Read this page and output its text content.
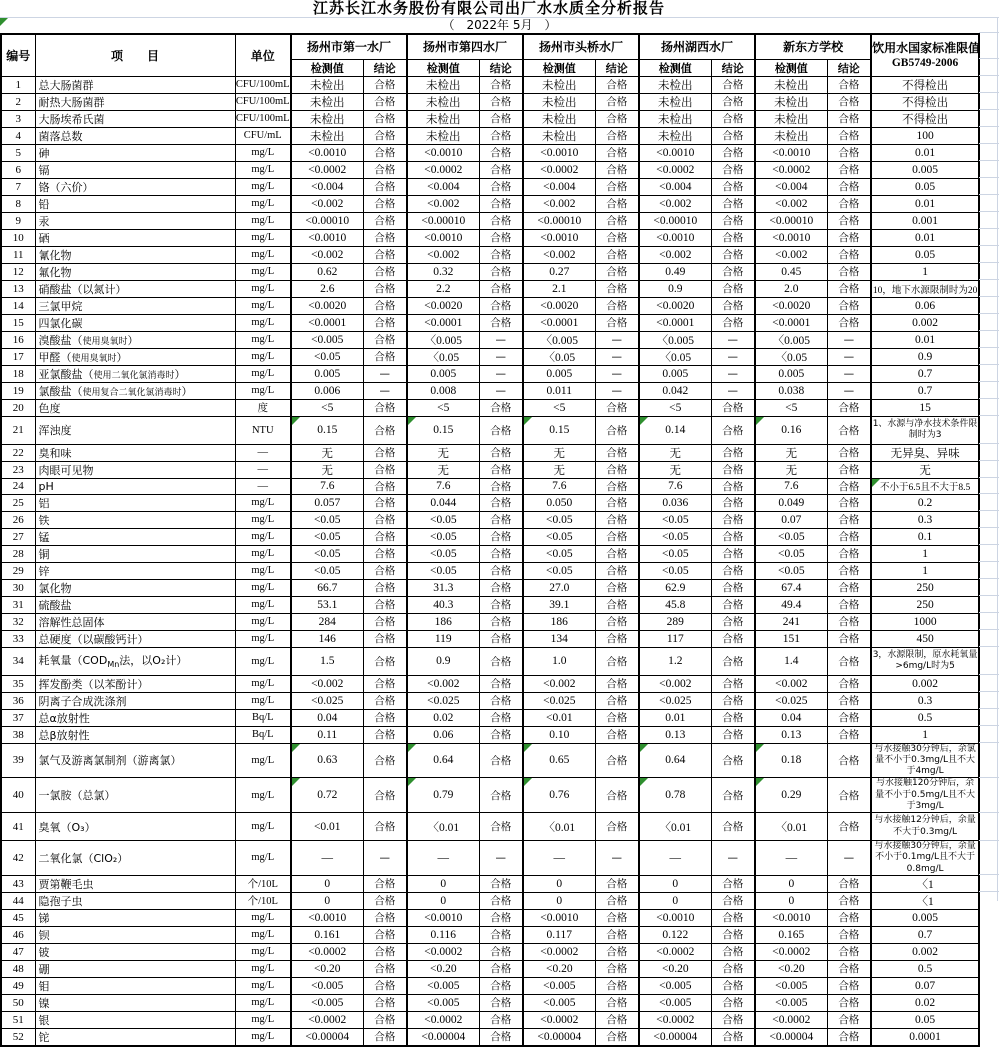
江苏长江水务股份有限公司出厂水水质全分析报告
（　2022年 5月　）
编号	项　　目	单位	扬州市第一水厂		扬州市第四水厂		扬州市头桥水厂		扬州湖西水厂		新东方学校		饮用水国家标准限值
GB5749-2006

			检测值	结论	检测值	结论	检测值	结论	检测值	结论	检测值	结论	
1	总大肠菌群	CFU/100mL	未检出	合格	未检出	合格	未检出	合格	未检出	合格	未检出	合格	不得检出
2	耐热大肠菌群	CFU/100mL	未检出	合格	未检出	合格	未检出	合格	未检出	合格	未检出	合格	不得检出
3	大肠埃希氏菌	CFU/100mL	未检出	合格	未检出	合格	未检出	合格	未检出	合格	未检出	合格	不得检出
4	菌落总数	CFU/mL	未检出	合格	未检出	合格	未检出	合格	未检出	合格	未检出	合格	100
5	砷	mg/L	<0.0010	合格	<0.0010	合格	<0.0010	合格	<0.0010	合格	<0.0010	合格	0.01
6	镉	mg/L	<0.0002	合格	<0.0002	合格	<0.0002	合格	<0.0002	合格	<0.0002	合格	0.005
7	铬（六价）	mg/L	<0.004	合格	<0.004	合格	<0.004	合格	<0.004	合格	<0.004	合格	0.05
8	铅	mg/L	<0.002	合格	<0.002	合格	<0.002	合格	<0.002	合格	<0.002	合格	0.01
9	汞	mg/L	<0.00010	合格	<0.00010	合格	<0.00010	合格	<0.00010	合格	<0.00010	合格	0.001
10	硒	mg/L	<0.0010	合格	<0.0010	合格	<0.0010	合格	<0.0010	合格	<0.0010	合格	0.01
11	氰化物	mg/L	<0.002	合格	<0.002	合格	<0.002	合格	<0.002	合格	<0.002	合格	0.05
12	氟化物	mg/L	0.62	合格	0.32	合格	0.27	合格	0.49	合格	0.45	合格	1
13	硝酸盐（以氮计）	mg/L	2.6	合格	2.2	合格	2.1	合格	0.9	合格	2.0	合格	10，地下水源限制时为20
14	三氯甲烷	mg/L	<0.0020	合格	<0.0020	合格	<0.0020	合格	<0.0020	合格	<0.0020	合格	0.06
15	四氯化碳	mg/L	<0.0001	合格	<0.0001	合格	<0.0001	合格	<0.0001	合格	<0.0001	合格	0.002
16	溴酸盐（使用臭氧时）	mg/L	<0.005	合格	〈0.005	—	〈0.005	—	〈0.005	—	〈0.005	—	0.01
17	甲醛（使用臭氧时）	mg/L	<0.05	合格	〈0.05	—	〈0.05	—	〈0.05	—	〈0.05	—	0.9
18	亚氯酸盐（使用二氧化氯消毒时）	mg/L	0.005	—	0.005	—	0.005	—	0.005	—	0.005	—	0.7
19	氯酸盐（使用复合二氧化氯消毒时）	mg/L	0.006	—	0.008	—	0.011	—	0.042	—	0.038	—	0.7
20	色度	度	<5	合格	<5	合格	<5	合格	<5	合格	<5	合格	15
21	浑浊度	NTU	0.15	合格	0.15	合格	0.15	合格	0.14	合格	0.16	合格	1、水源与净水技术条件限制时为3
22	臭和味	—	无	合格	无	合格	无	合格	无	合格	无	合格	无异臭、异味
23	肉眼可见物	—	无	合格	无	合格	无	合格	无	合格	无	合格	无
24	pH	—	7.6	合格	7.6	合格	7.6	合格	7.6	合格	7.6	合格	不小于6.5且不大于8.5
25	铝	mg/L	0.057	合格	0.044	合格	0.050	合格	0.036	合格	0.049	合格	0.2
26	铁	mg/L	<0.05	合格	<0.05	合格	<0.05	合格	<0.05	合格	0.07	合格	0.3
27	锰	mg/L	<0.05	合格	<0.05	合格	<0.05	合格	<0.05	合格	<0.05	合格	0.1
28	铜	mg/L	<0.05	合格	<0.05	合格	<0.05	合格	<0.05	合格	<0.05	合格	1
29	锌	mg/L	<0.05	合格	<0.05	合格	<0.05	合格	<0.05	合格	<0.05	合格	1
30	氯化物	mg/L	66.7	合格	31.3	合格	27.0	合格	62.9	合格	67.4	合格	250
31	硫酸盐	mg/L	53.1	合格	40.3	合格	39.1	合格	45.8	合格	49.4	合格	250
32	溶解性总固体	mg/L	284	合格	186	合格	186	合格	289	合格	241	合格	1000
33	总硬度（以碳酸钙计）	mg/L	146	合格	119	合格	134	合格	117	合格	151	合格	450
34	耗氧量（$COD_{Mn}$法，以O₂计）	mg/L	1.5	合格	0.9	合格	1.0	合格	1.2	合格	1.4	合格	3，水源限制，原水耗氧量>6mg/L时为5
35	挥发酚类（以苯酚计）	mg/L	<0.002	合格	<0.002	合格	<0.002	合格	<0.002	合格	<0.002	合格	0.002
36	阴离子合成洗涤剂	mg/L	<0.025	合格	<0.025	合格	<0.025	合格	<0.025	合格	<0.025	合格	0.3
37	总α放射性	Bq/L	0.04	合格	0.02	合格	<0.01	合格	0.01	合格	0.04	合格	0.5
38	总β放射性	Bq/L	0.11	合格	0.06	合格	0.10	合格	0.13	合格	0.13	合格	1
39	氯气及游离氯制剂（游离氯）	mg/L	0.63	合格	0.64	合格	0.65	合格	0.64	合格	0.18	合格	与水接触30分钟后，余氯量不小于0.3mg/L且不大于4mg/L
40	一氯胺（总氯）	mg/L	0.72	合格	0.79	合格	0.76	合格	0.78	合格	0.29	合格	与水接触120分钟后，余量不小于0.5mg/L且不大于3mg/L
41	臭氧（O₃）	mg/L	<0.01	合格	〈0.01	合格	〈0.01	合格	〈0.01	合格	〈0.01	合格	与水接触12分钟后，余量不大于0.3mg/L
42	二氧化氯（ClO₂）	mg/L	—	—	—	—	—	—	—	—	—	—	与水接触30分钟后，余量不小于0.1mg/L且不大于0.8mg/L
43	贾第鞭毛虫	个/10L	0	合格	0	合格	0	合格	0	合格	0	合格	〈1
44	隐孢子虫	个/10L	0	合格	0	合格	0	合格	0	合格	0	合格	〈1
45	锑	mg/L	<0.0010	合格	<0.0010	合格	<0.0010	合格	<0.0010	合格	<0.0010	合格	0.005
46	钡	mg/L	0.161	合格	0.116	合格	0.117	合格	0.122	合格	0.165	合格	0.7
47	铍	mg/L	<0.0002	合格	<0.0002	合格	<0.0002	合格	<0.0002	合格	<0.0002	合格	0.002
48	硼	mg/L	<0.20	合格	<0.20	合格	<0.20	合格	<0.20	合格	<0.20	合格	0.5
49	钼	mg/L	<0.005	合格	<0.005	合格	<0.005	合格	<0.005	合格	<0.005	合格	0.07
50	镍	mg/L	<0.005	合格	<0.005	合格	<0.005	合格	<0.005	合格	<0.005	合格	0.02
51	银	mg/L	<0.0002	合格	<0.0002	合格	<0.0002	合格	<0.0002	合格	<0.0002	合格	0.05
52	铊	mg/L	<0.00004	合格	<0.00004	合格	<0.00004	合格	<0.00004	合格	<0.00004	合格	0.0001
